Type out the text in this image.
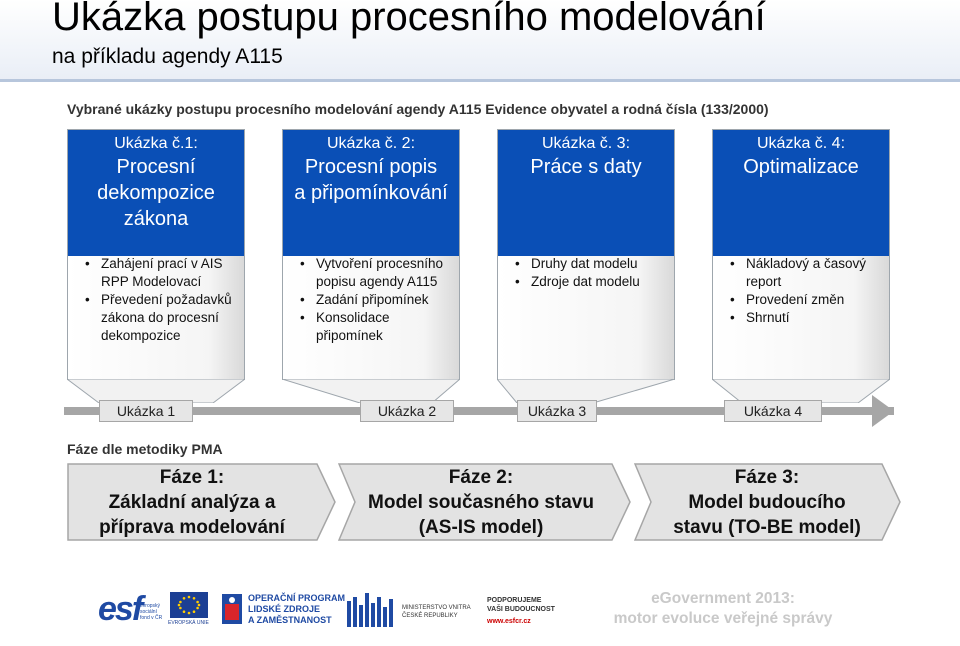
Ukázka postupu procesního modelování
na příkladu agendy A115
Vybrané ukázky postupu procesního modelování agendy A115 Evidence obyvatel a rodná čísla (133/2000)
Ukázka č.1:
Procesní
dekompozice
zákona
• Zahájení prací v AIS RPP Modelovací
• Převedení požadavků zákona do procesní dekompozice
Ukázka č. 2:
Procesní popis
a připomínkování
• Vytvoření procesního popisu agendy A115
• Zadání připomínek
• Konsolidace připomínek
Ukázka č. 3:
Práce s daty
• Druhy dat modelu
• Zdroje dat modelu
Ukázka č. 4:
Optimalizace
• Nákladový a časový report
• Provedení změn
• Shrnutí
Ukázka 1	Ukázka 2	Ukázka 3	Ukázka 4
Fáze dle metodiky PMA
Fáze 1:
Základní analýza a
příprava modelování
Fáze 2:
Model současného stavu
(AS-IS model)
Fáze 3:
Model budoucího
stavu (TO-BE model)
esf
evropský sociální fond v ČR
EVROPSKÁ UNIE
OPERAČNÍ PROGRAM
LIDSKÉ ZDROJE
A ZAMĚSTNANOST
MINISTERSTVO VNITRA
ČESKÉ REPUBLIKY
PODPORUJEME
VAŠI BUDOUCNOST
www.esfcr.cz
eGovernment 2013:
motor evoluce veřejné správy
